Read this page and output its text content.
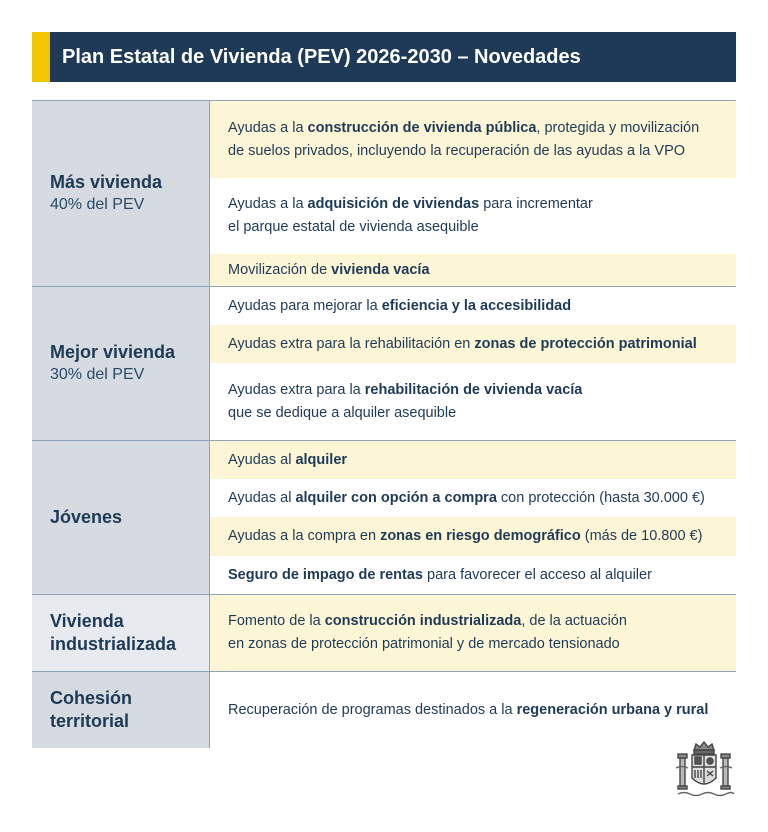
Plan Estatal de Vivienda (PEV) 2026-2030 – Novedades
Más vivienda
40% del PEV
Ayudas a la construcción de vivienda pública, protegida y movilización
de suelos privados, incluyendo la recuperación de las ayudas a la VPO
Ayudas a la adquisición de viviendas para incrementar
el parque estatal de vivienda asequible
Movilización de vivienda vacía
Mejor vivienda
30% del PEV
Ayudas para mejorar la eficiencia y la accesibilidad
Ayudas extra para la rehabilitación en zonas de protección patrimonial
Ayudas extra para la rehabilitación de vivienda vacía
que se dedique a alquiler asequible
Jóvenes
Ayudas al alquiler
Ayudas al alquiler con opción a compra con protección (hasta 30.000 €)
Ayudas a la compra en zonas en riesgo demográfico (más de 10.800 €)
Seguro de impago de rentas para favorecer el acceso al alquiler
Vivienda industrializada
Fomento de la construcción industrializada, de la actuación
en zonas de protección patrimonial y de mercado tensionado
Cohesión territorial
Recuperación de programas destinados a la regeneración urbana y rural
